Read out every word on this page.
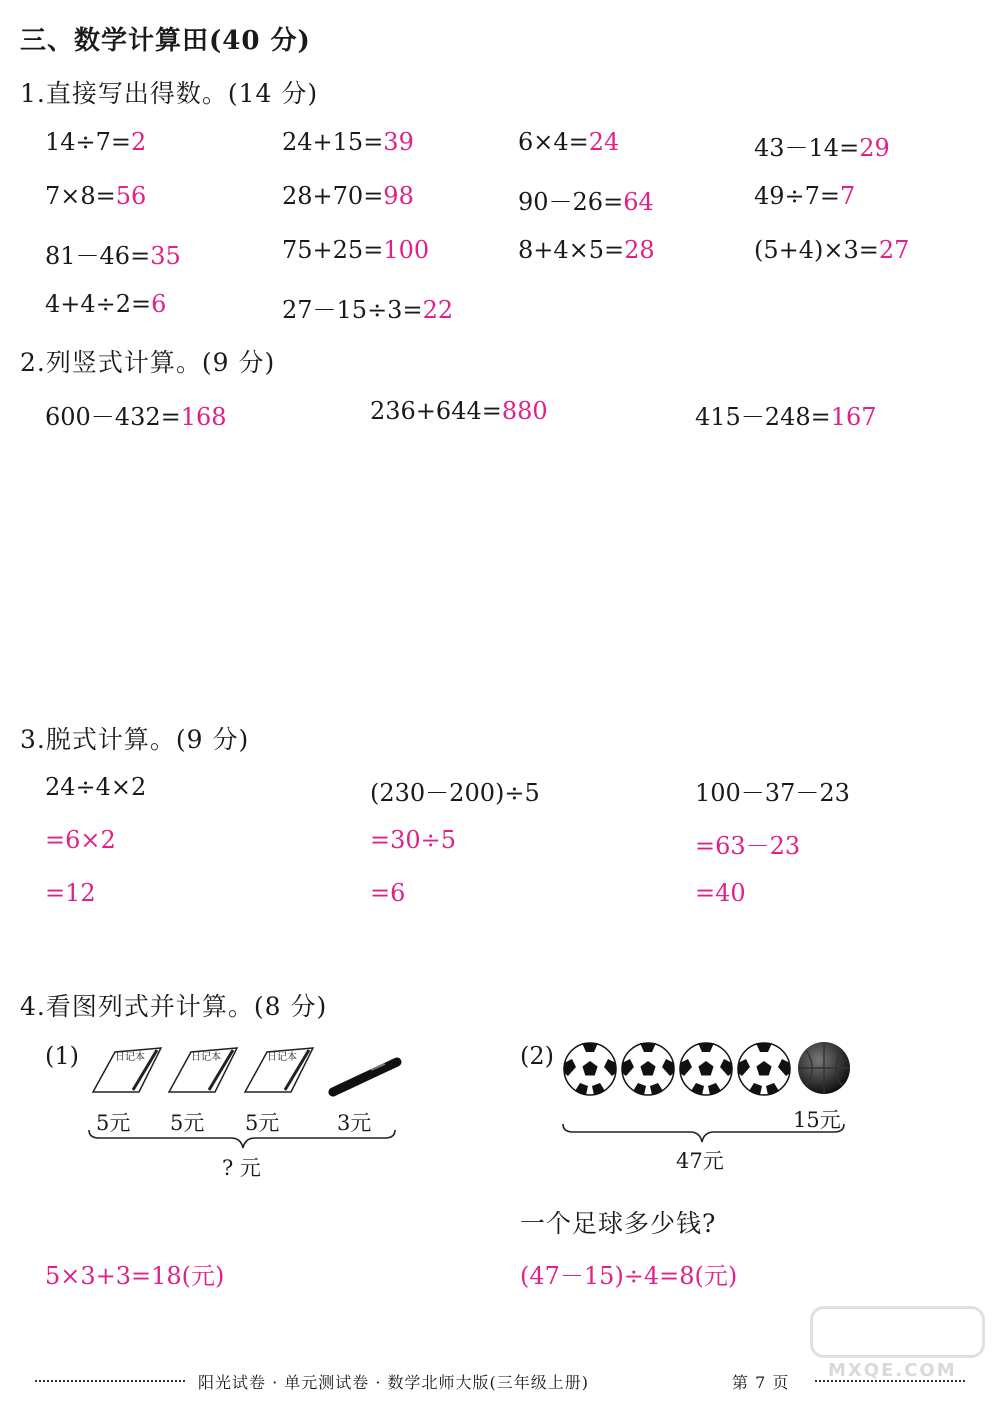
三、数学计算田(40 分)
1.直接写出得数。(14 分)
14÷7=2	24+15=39	6×4=24	43－14=29
7×8=56	28+70=98	90－26=64	49÷7=7
81－46=35	75+25=100	8+4×5=28	(5+4)×3=27
4+4÷2=6	27－15÷3=22
2.列竖式计算。(9 分)
600－432=168	236+644=880	415－248=167
3.脱式计算。(9 分)
24÷4×2
=6×2
=12
(230－200)÷5
=30÷5
=6
100－37－23
=63－23
=40
4.看图列式并计算。(8 分)
(1)	日记本	日记本	日记本
5元 5元 5元	3元
? 元
5×3+3=18(元)
(2)
15元
47元
一个足球多少钱?
(47－15)÷4=8(元)
阳光试卷 · 单元测试卷 · 数学北师大版(三年级上册)	第 7 页
MXQE.COM
